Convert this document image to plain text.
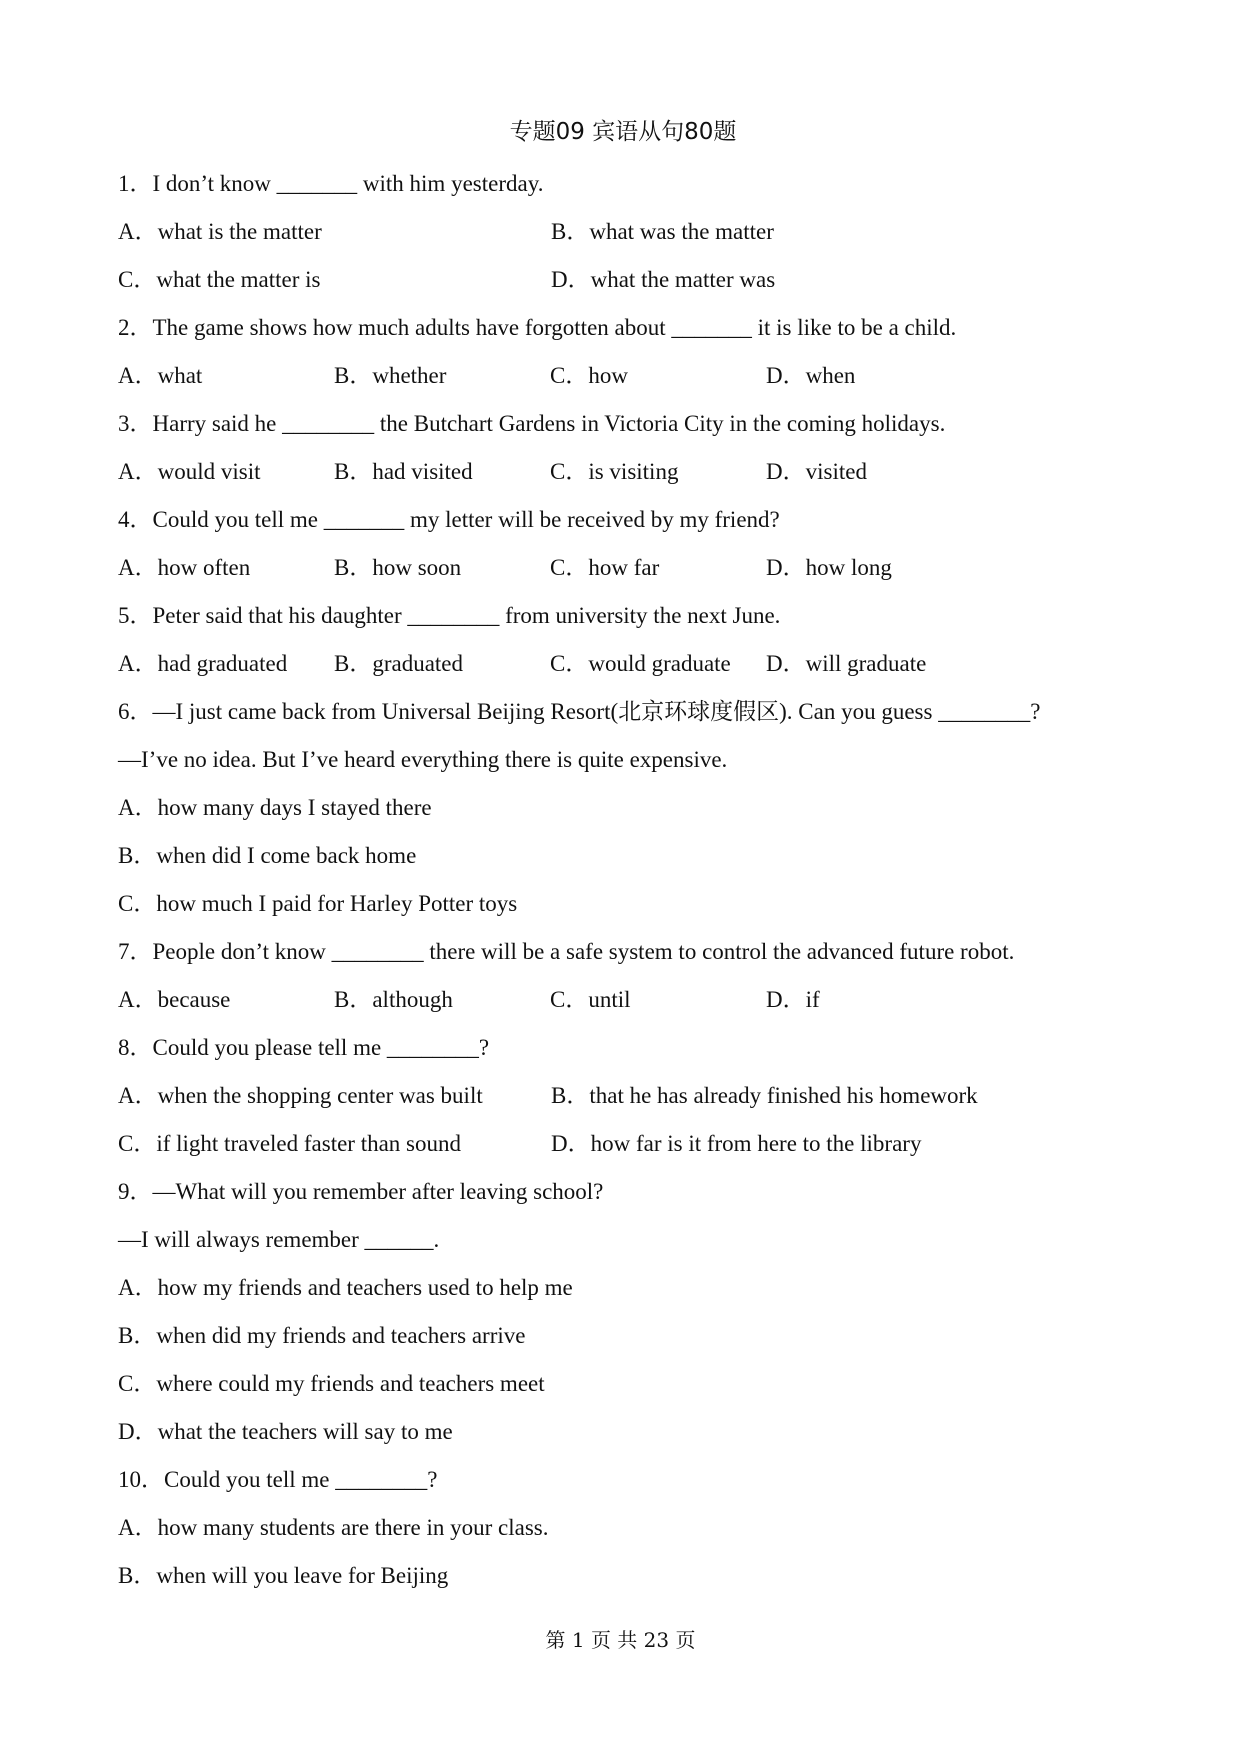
专题09 宾语从句80题
1．I don’t know _______ with him yesterday.
A．what is the matter	B．what was the matter
C．what the matter is	D．what the matter was
2．The game shows how much adults have forgotten about _______ it is like to be a child.
A．what	B．whether	C．how	D．when
3．Harry said he ________ the Butchart Gardens in Victoria City in the coming holidays.
A．would visit	B．had visited	C．is visiting	D．visited
4．Could you tell me _______ my letter will be received by my friend?
A．how often	B．how soon	C．how far	D．how long
5．Peter said that his daughter ________ from university the next June.
A．had graduated	B．graduated	C．would graduate	D．will graduate
6．—I just came back from Universal Beijing Resort(北京环球度假区). Can you guess ________?
—I’ve no idea. But I’ve heard everything there is quite expensive.
A．how many days I stayed there
B．when did I come back home
C．how much I paid for Harley Potter toys
7．People don’t know ________ there will be a safe system to control the advanced future robot.
A．because	B．although	C．until	D．if
8．Could you please tell me ________?
A．when the shopping center was built	B．that he has already finished his homework
C．if light traveled faster than sound	D．how far is it from here to the library
9．—What will you remember after leaving school?
—I will always remember ______.
A．how my friends and teachers used to help me
B．when did my friends and teachers arrive
C．where could my friends and teachers meet
D．what the teachers will say to me
10．Could you tell me ________?
A．how many students are there in your class.
B．when will you leave for Beijing
第 1 页 共 23 页
